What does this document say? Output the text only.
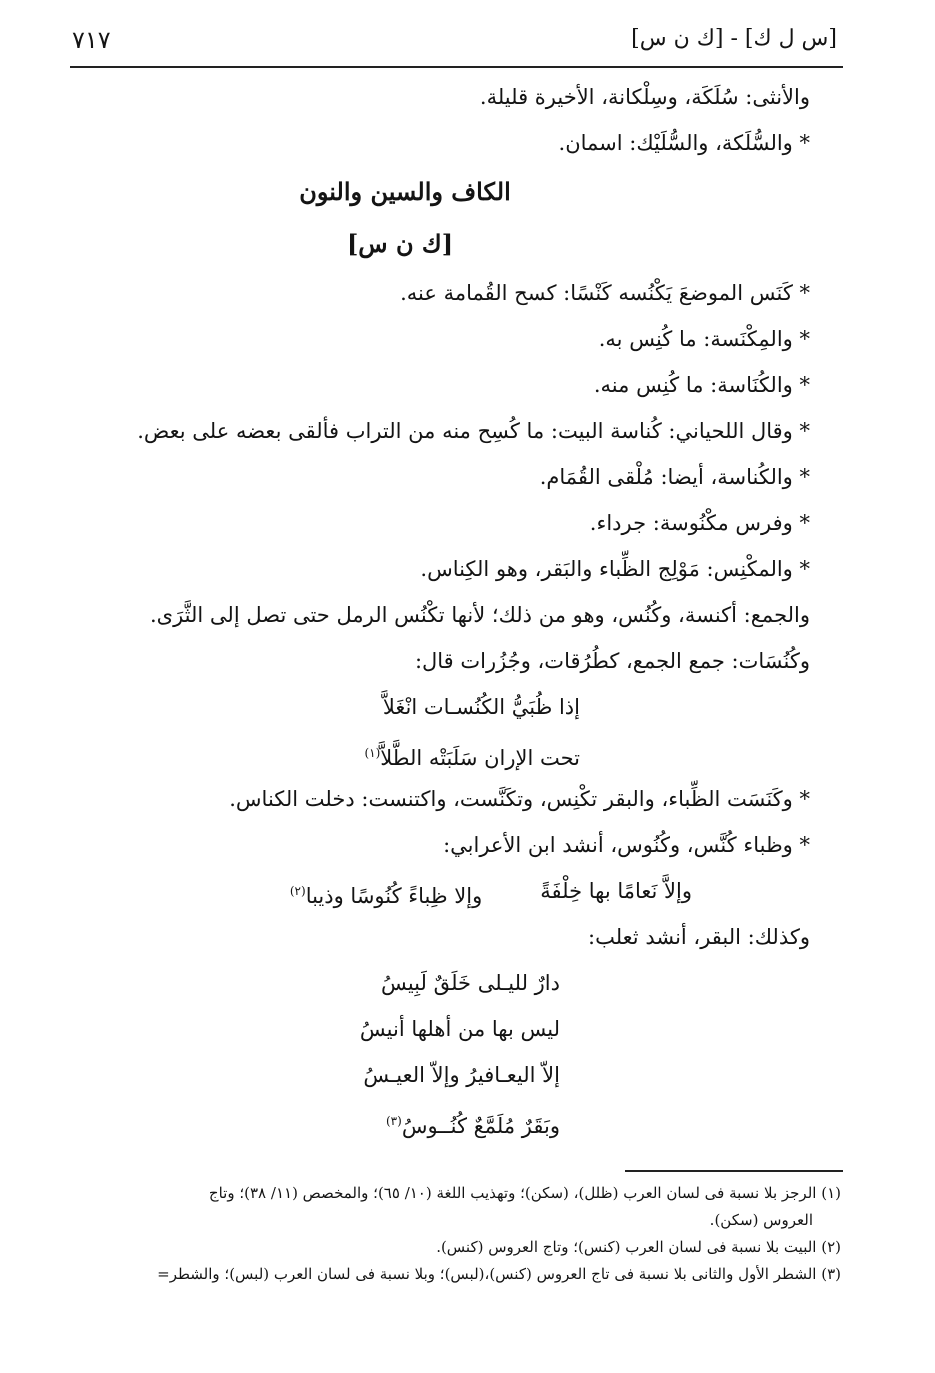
٧١٧	[س ل ك] - [ك ن س]
والأنثى: سُلَكَة، وسِلْكانة، الأخيرة قليلة.
* والسُّلَكة، والسُّلَيْك: اسمان.
الكاف والسين والنون
[ك ن س]
* كَنَس الموضعَ يَكْنُسه كَنْسًا: كسح القُمامة عنه.
* والمِكْنَسة: ما كُنِس به.
* والكُنَاسة: ما كُنِس منه.
* وقال اللحياني: كُناسة البيت: ما كُسِح منه من التراب فألقى بعضه على بعض.
* والكُناسة، أيضا: مُلْقى القُمَام.
* وفرس مكْنُوسة: جرداء.
* والمكْنِس: مَوْلِج الظِّباء والبَقر، وهو الكِناس.
والجمع: أكنسة، وكُنُس، وهو من ذلك؛ لأنها تكْنُس الرمل حتى تصل إلى الثَّرَى.
وكُنُسَات: جمع الجمع، كطُرُقات، وجُزُرات قال:
إذا ظُبَيُّ الكُنُسـات انْغَلاَّ
تحت الإران سَلَبَتْه الطَّلاَّ$^{(١)}$
* وكَنَسَت الظِّباء، والبقر تكْنِس، وتكَنَّست، واكتنست: دخلت الكناس.
* وظباء كُنَّس، وكُنُوس، أنشد ابن الأعرابي:
وإلاَّ نَعامًا بها خِلْفَةً
وإلا ظِباءً كُنُوسًا وذيبا$^{(٢)}$
وكذلك: البقر، أنشد ثعلب:
دارٌ لليـلى خَلَقٌ لَبِيسُ
ليس بها من أهلها أنيسُ
إلاّ اليعـافيرُ وإلاّ العيـسُ
وبَقَرٌ مُلَمَّعٌ كُنُــوسُ$^{(٣)}$
(١) الرجز بلا نسبة فى لسان العرب (ظلل)، (سكن)؛ وتهذيب اللغة (١٠/ ٦٥)؛ والمخصص (١١/ ٣٨)؛ وتاج
العروس (سكن).
(٢) البيت بلا نسبة فى لسان العرب (كنس)؛ وتاج العروس (كنس).
(٣) الشطر الأول والثانى بلا نسبة فى تاج العروس (كنس)،(لبس)؛ وبلا نسبة فى لسان العرب (لبس)؛ والشطر=
